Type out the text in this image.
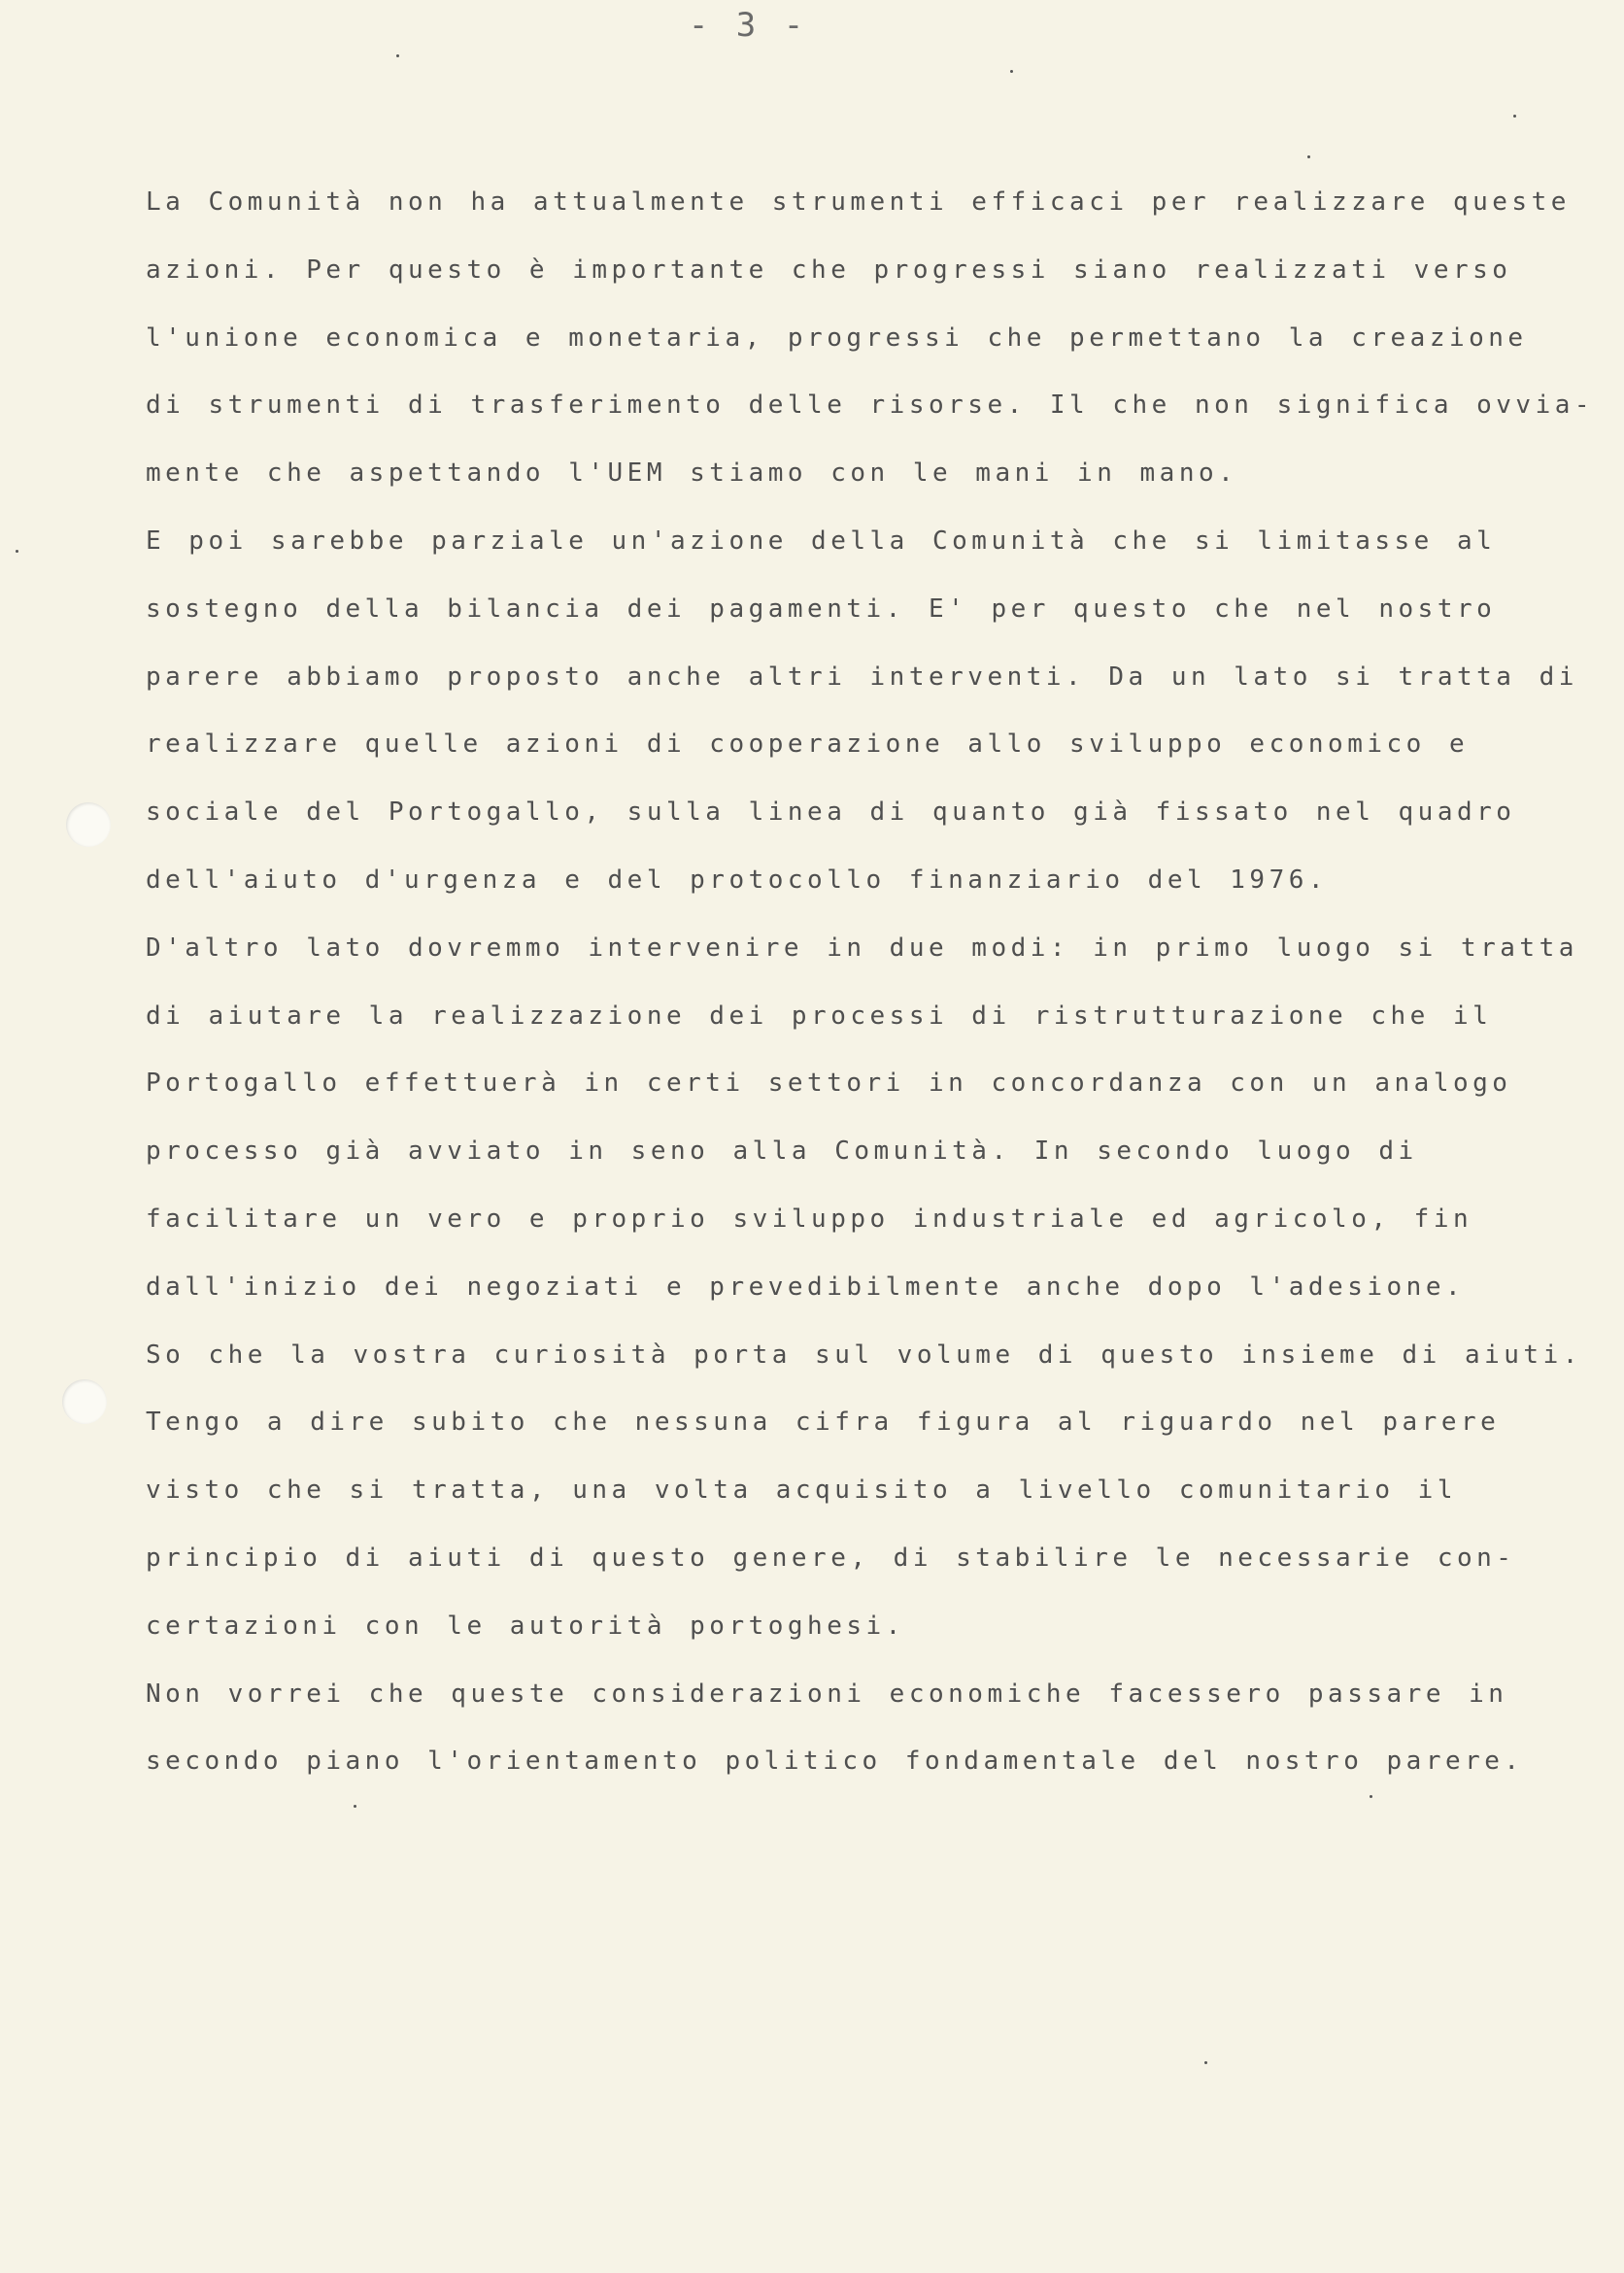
- 3 -
La Comunità non ha attualmente strumenti efficaci per realizzare queste
azioni. Per questo è importante che progressi siano realizzati verso
l'unione economica e monetaria, progressi che permettano la creazione
di strumenti di trasferimento delle risorse. Il che non significa ovvia-
mente che aspettando l'UEM stiamo con le mani in mano.
E poi sarebbe parziale un'azione della Comunità che si limitasse al
sostegno della bilancia dei pagamenti. E' per questo che nel nostro
parere abbiamo proposto anche altri interventi. Da un lato si tratta di
realizzare quelle azioni di cooperazione allo sviluppo economico e
sociale del Portogallo, sulla linea di quanto già fissato nel quadro
dell'aiuto d'urgenza e del protocollo finanziario del 1976.
D'altro lato dovremmo intervenire in due modi: in primo luogo si tratta
di aiutare la realizzazione dei processi di ristrutturazione che il
Portogallo effettuerà in certi settori in concordanza con un analogo
processo già avviato in seno alla Comunità. In secondo luogo di
facilitare un vero e proprio sviluppo industriale ed agricolo, fin
dall'inizio dei negoziati e prevedibilmente anche dopo l'adesione.
So che la vostra curiosità porta sul volume di questo insieme di aiuti.
Tengo a dire subito che nessuna cifra figura al riguardo nel parere
visto che si tratta, una volta acquisito a livello comunitario il
principio di aiuti di questo genere, di stabilire le necessarie con-
certazioni con le autorità portoghesi.
Non vorrei che queste considerazioni economiche facessero passare in
secondo piano l'orientamento politico fondamentale del nostro parere.
